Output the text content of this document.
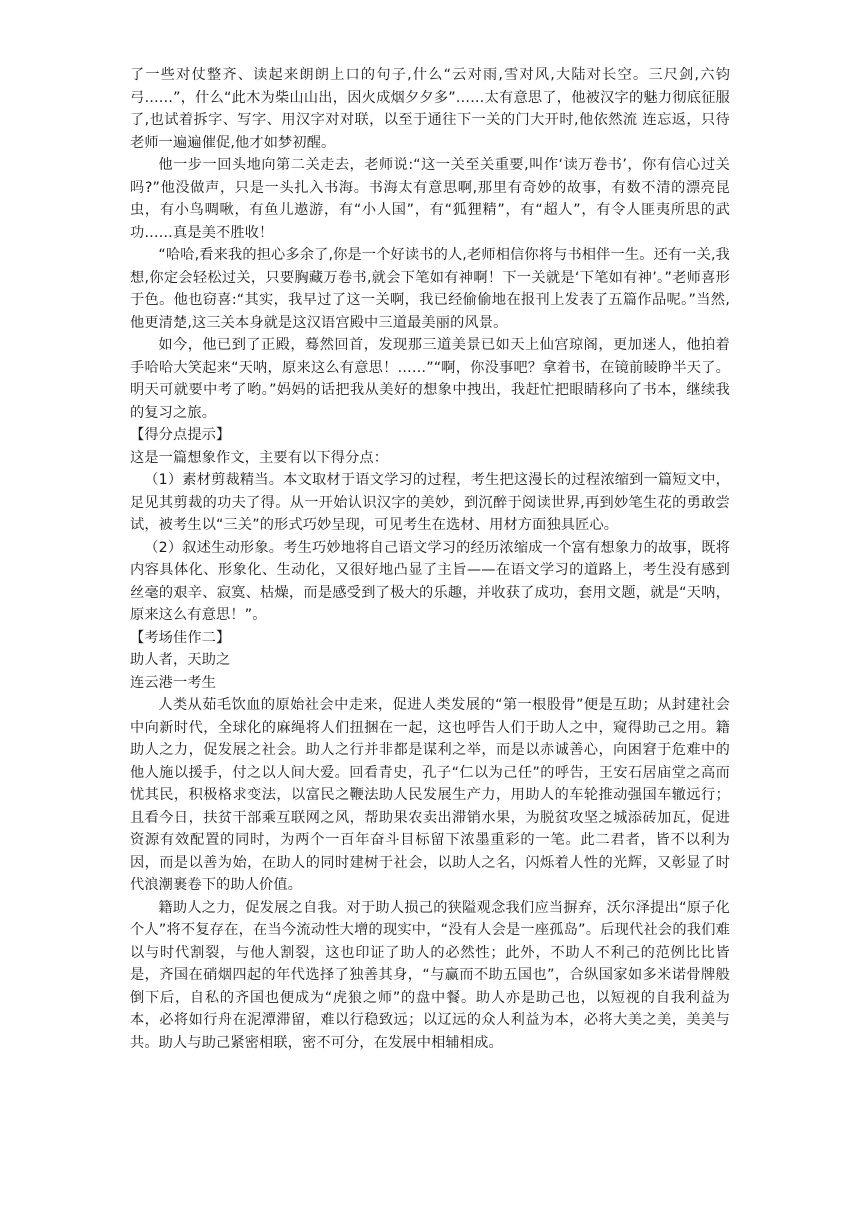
了一些对仗整齐、读起来朗朗上口的句子,什么“云对雨,雪对风,大陆对长空。三尺剑,六钧弓……”，什么“此木为柴山山出，因火成烟夕夕多”……太有意思了，他被汉字的魅力彻底征服了,也试着拆字、写字、用汉字对对联，以至于通往下一关的门大开时,他依然流 连忘返，只待老师一遍遍催促,他才如梦初醒。

他一步一回头地向第二关走去，老师说:“这一关至关重要,叫作‘读万卷书’，你有信心过关吗?”他没做声，只是一头扎入书海。书海太有意思啊,那里有奇妙的故事，有数不清的漂亮昆虫，有小鸟啁啾，有鱼儿遨游，有“小人国”，有“狐狸精”，有“超人”，有令人匪夷所思的武功……真是美不胜收！

“哈哈,看来我的担心多余了,你是一个好读书的人,老师相信你将与书相伴一生。还有一关,我想,你定会轻松过关，只要胸藏万卷书,就会下笔如有神啊！下一关就是‘下笔如有神’。”老师喜形于色。他也窃喜:“其实，我早过了这一关啊，我已经偷偷地在报刊上发表了五篇作品呢。”当然,他更清楚,这三关本身就是这汉语宫殿中三道最美丽的风景。

如今，他已到了正殿，蓦然回首，发现那三道美景已如天上仙宫琼阁，更加迷人，他拍着手哈哈大笑起来“天呐，原来这么有意思！……”“啊，你没事吧？拿着书，在镜前睖睁半天了。明天可就要中考了哟。”妈妈的话把我从美好的想象中拽出，我赶忙把眼睛移向了书本，继续我的复习之旅。

【得分点提示】

这是一篇想象作文，主要有以下得分点：

（1）素材剪裁精当。本文取材于语文学习的过程，考生把这漫长的过程浓缩到一篇短文中，足见其剪裁的功夫了得。从一开始认识汉字的美妙，到沉醉于阅读世界,再到妙笔生花的勇敢尝试，被考生以“三关”的形式巧妙呈现，可见考生在选材、用材方面独具匠心。

（2）叙述生动形象。考生巧妙地将自己语文学习的经历浓缩成一个富有想象力的故事，既将内容具体化、形象化、生动化，又很好地凸显了主旨——在语文学习的道路上，考生没有感到丝毫的艰辛、寂寞、枯燥，而是感受到了极大的乐趣，并收获了成功，套用文题，就是“天呐，原来这么有意思！”。

【考场佳作二】

助人者，天助之

连云港一考生

人类从茹毛饮血的原始社会中走来，促进人类发展的“第一根股骨”便是互助；从封建社会中向新时代，全球化的麻绳将人们扭捆在一起，这也呼告人们于助人之中，窥得助己之用。籍助人之力，促发展之社会。助人之行并非都是谋利之举，而是以赤诚善心，向困窘于危难中的他人施以援手，付之以人间大爱。回看青史，孔子“仁以为己任”的呼告，王安石居庙堂之高而忧其民，积极格求变法，以富民之鞭法助人民发展生产力，用助人的车轮推动强国车辙远行；且看今日，扶贫干部乘互联网之风，帮助果农卖出滞销水果，为脱贫攻坚之城添砖加瓦，促进资源有效配置的同时，为两个一百年奋斗目标留下浓墨重彩的一笔。此二君者，皆不以利为因，而是以善为始，在助人的同时建树于社会，以助人之名，闪烁着人性的光辉，又彰显了时代浪潮裹卷下的助人价值。

籍助人之力，促发展之自我。对于助人损己的狭隘观念我们应当摒弃，沃尔泽提出“原子化个人”将不复存在，在当今流动性大增的现实中，“没有人会是一座孤岛”。后现代社会的我们难以与时代割裂，与他人割裂，这也印证了助人的必然性；此外，不助人不利己的范例比比皆是，齐国在硝烟四起的年代选择了独善其身，“与赢而不助五国也”，合纵国家如多米诺骨牌般倒下后，自私的齐国也便成为“虎狼之师”的盘中餐。助人亦是助己也，以短视的自我利益为本，必将如行舟在泥潭滞留，难以行稳致远；以辽远的众人利益为本，必将大美之美，美美与共。助人与助己紧密相联，密不可分，在发展中相辅相成。
